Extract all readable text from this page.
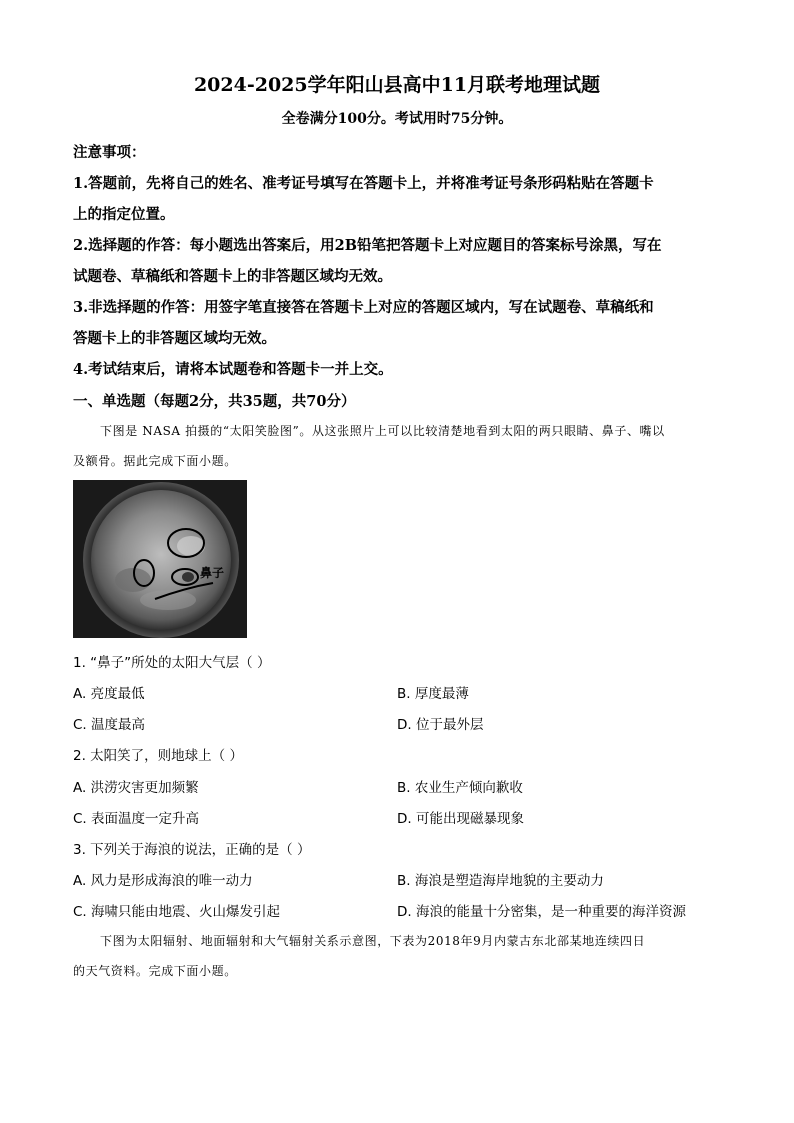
2024-2025学年阳山县高中11月联考地理试题
全卷满分100分。考试用时75分钟。
注意事项：
1.答题前，先将自己的姓名、准考证号填写在答题卡上，并将准考证号条形码粘贴在答题卡
上的指定位置。
2.选择题的作答：每小题选出答案后，用2B铅笔把答题卡上对应题目的答案标号涂黑，写在
试题卷、草稿纸和答题卡上的非答题区域均无效。
3.非选择题的作答：用签字笔直接答在答题卡上对应的答题区域内，写在试题卷、草稿纸和
答题卡上的非答题区域均无效。
4.考试结束后，请将本试题卷和答题卡一并上交。
一、单选题（每题2分，共35题，共70分）
下图是 NASA 拍摄的“太阳笑脸图”。从这张照片上可以比较清楚地看到太阳的两只眼睛、鼻子、嘴以
及额骨。据此完成下面小题。
鼻子
1. “鼻子”所处的太阳大气层（ ）
A. 亮度最低	B. 厚度最薄
C. 温度最高	D. 位于最外层
2. 太阳笑了，则地球上（ ）
A. 洪涝灾害更加频繁	B. 农业生产倾向歉收
C. 表面温度一定升高	D. 可能出现磁暴现象
3. 下列关于海浪的说法，正确的是（ ）
A. 风力是形成海浪的唯一动力	B. 海浪是塑造海岸地貌的主要动力
C. 海啸只能由地震、火山爆发引起	D. 海浪的能量十分密集，是一种重要的海洋资源
下图为太阳辐射、地面辐射和大气辐射关系示意图，下表为2018年9月内蒙古东北部某地连续四日
的天气资料。完成下面小题。
